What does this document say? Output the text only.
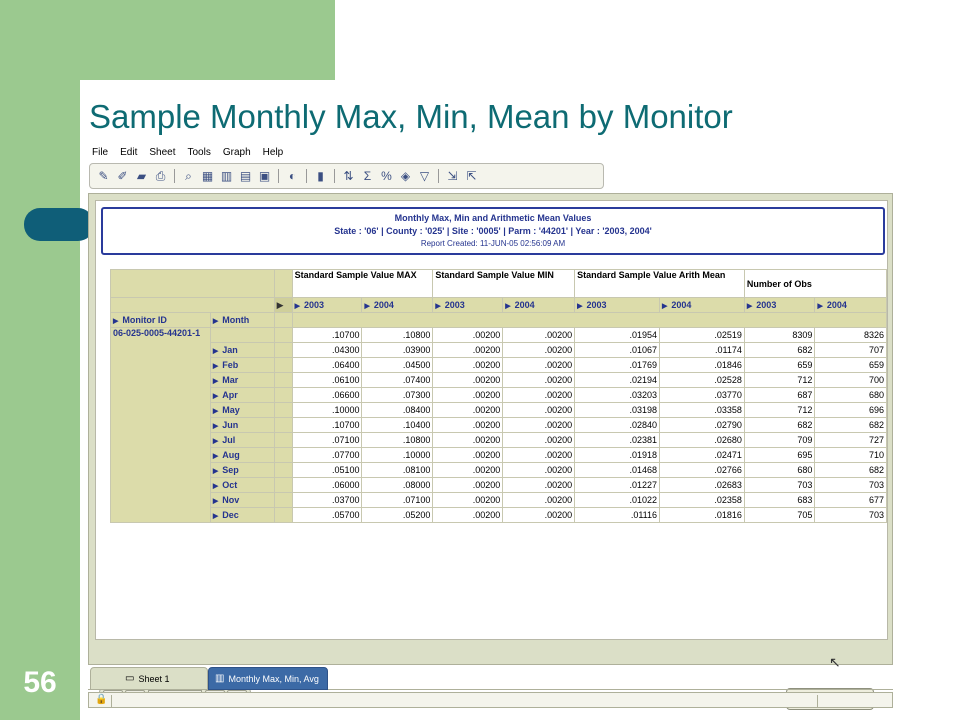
56
Sample Monthly Max, Min, Mean by Monitor
File Edit Sheet Tools Graph Help
✎ ✐ ▰ ⎙	⌕ ▦ ▥ ▤ ▣	◐	▮	⇅ Σ % ◈ ▽	⇲ ⇱
Monthly Max, Min and Arithmetic Mean Values
State : '06' | County : '025' | Site : '0005' | Parm : '44201' | Year : '2003, 2004'
Report Created: 11-JUN-05 02:56:09 AM
			Standard Sample Value MAX		Standard Sample Value MIN		Standard Sample Value Arith Mean		Number of Obs	
		▶	▶ 2003	▶ 2004	▶ 2003	▶ 2004	▶ 2003	▶ 2004	▶ 2003	▶ 2004
▶ Monitor ID	▶ Month									
06-025-0005-44201-1			.10700	.10800	.00200	.00200	.01954	.02519	8309	8326
	▶ Jan		.04300	.03900	.00200	.00200	.01067	.01174	682	707
	▶ Feb		.06400	.04500	.00200	.00200	.01769	.01846	659	659
	▶ Mar		.06100	.07400	.00200	.00200	.02194	.02528	712	700
	▶ Apr		.06600	.07300	.00200	.00200	.03203	.03770	687	680
	▶ May		.10000	.08400	.00200	.00200	.03198	.03358	712	696
	▶ Jun		.10700	.10400	.00200	.00200	.02840	.02790	682	682
	▶ Jul		.07100	.10800	.00200	.00200	.02381	.02680	709	727
	▶ Aug		.07700	.10000	.00200	.00200	.01918	.02471	695	710
	▶ Sep		.05100	.08100	.00200	.00200	.01468	.02766	680	682
	▶ Oct		.06000	.08000	.00200	.00200	.01227	.02683	703	703
	▶ Nov		.03700	.07100	.00200	.00200	.01022	.02358	683	677
	▶ Dec		.05700	.05200	.00200	.00200	.01116	.01816	705	703
↖
▭ Sheet 1	▥ Monthly Max, Min, Avg
🔒
